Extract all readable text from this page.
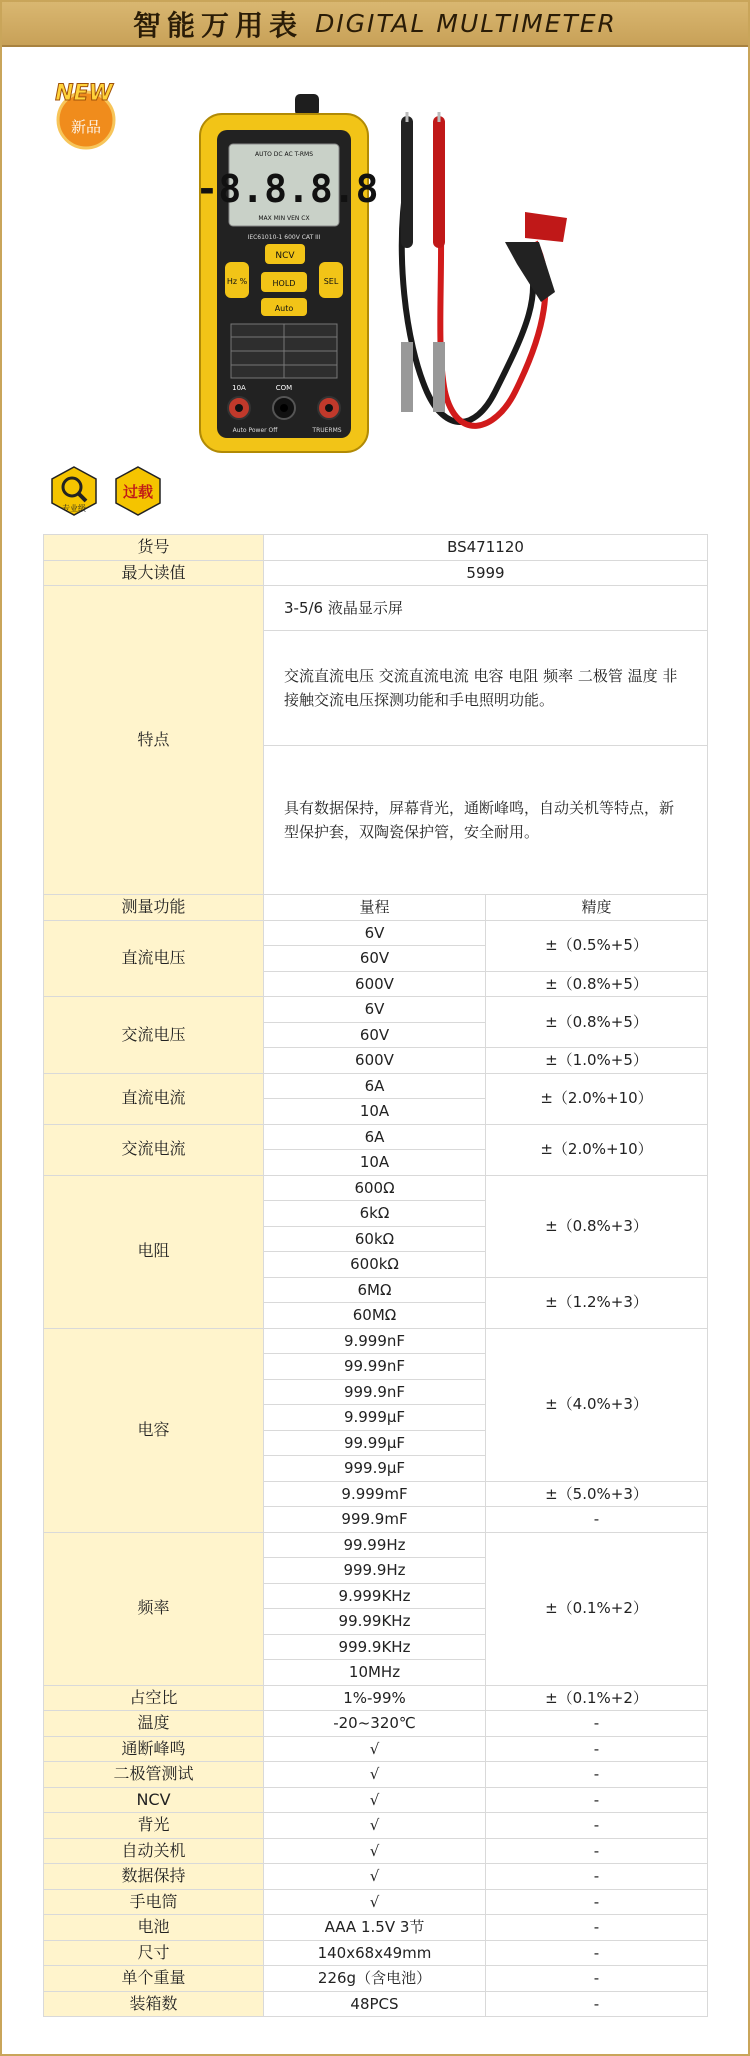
智能万用表 DIGITAL MULTIMETER
NEW
新品
AUTO DC AC T-RMS
-8.8.8.8
MAX MIN VEN CX
IEC61010-1 600V CAT III
NCV
Hz %	SEL
HOLD
Auto
10A	COM
Auto Power Off	TRUERMS
专业级
过载
货号	BS471120	
最大读值	5999	
特点	3-5/6 液晶显示屏	
	交流直流电压 交流直流电流 电容 电阻 频率 二极管 温度 非接触交流电压探测功能和手电照明功能。	
	具有数据保持，屏幕背光，通断峰鸣，自动关机等特点，新型保护套，双陶瓷保护管，安全耐用。	
测量功能	量程	精度
直流电压	6V	±（0.5%+5）
	60V	
	600V	±（0.8%+5）
交流电压	6V	±（0.8%+5）
	60V	
	600V	±（1.0%+5）
直流电流	6A	±（2.0%+10）
	10A	
交流电流	6A	±（2.0%+10）
	10A	
电阻	600Ω	±（0.8%+3）
	6kΩ	
	60kΩ	
	600kΩ	
	6MΩ	±（1.2%+3）
	60MΩ	
电容	9.999nF	±（4.0%+3）
	99.99nF	
	999.9nF	
	9.999μF	
	99.99μF	
	999.9μF	
	9.999mF	±（5.0%+3）
	999.9mF	-
频率	99.99Hz	±（0.1%+2）
	999.9Hz	
	9.999KHz	
	99.99KHz	
	999.9KHz	
	10MHz	
占空比	1%-99%	±（0.1%+2）
温度	-20~320℃	-
通断峰鸣	√	-
二极管测试	√	-
NCV	√	-
背光	√	-
自动关机	√	-
数据保持	√	-
手电筒	√	-
电池	AAA 1.5V 3节	-
尺寸	140x68x49mm	-
单个重量	226g（含电池）	-
装箱数	48PCS	-
